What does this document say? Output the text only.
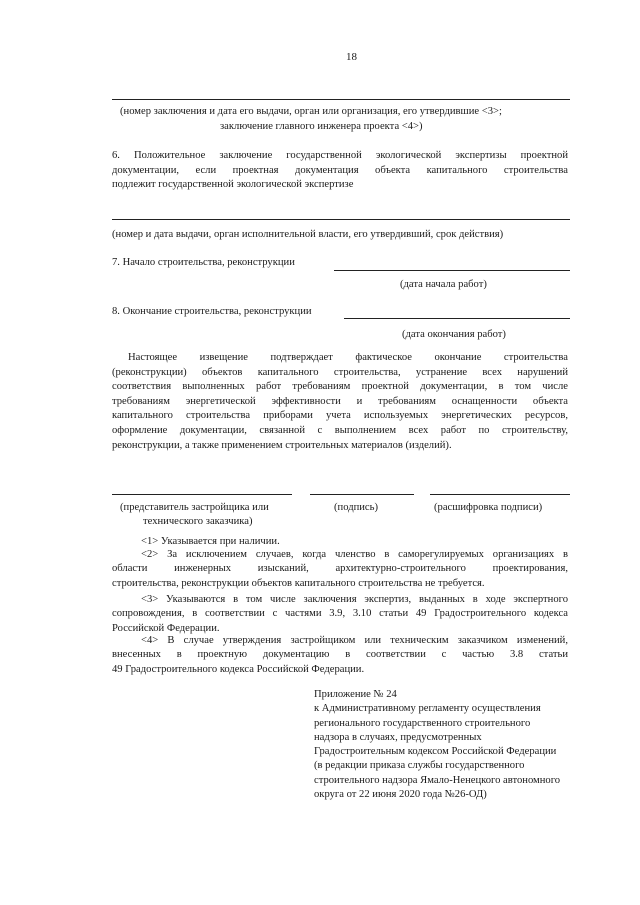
18
(номер заключения и дата его выдачи, орган или организация, его утвердившие <3>;
заключение главного инженера проекта <4>)
6. Положительное заключение государственной экологической экспертизы проектной
документации, если проектная документация объекта капитального строительства
подлежит государственной экологической экспертизе
(номер и дата выдачи, орган исполнительной власти, его утвердивший, срок действия)
7. Начало строительства, реконструкции
(дата начала работ)
8. Окончание строительства, реконструкции
(дата окончания работ)
Настоящее извещение подтверждает фактическое окончание строительства
(реконструкции) объектов капитального строительства, устранение всех нарушений
соответствия выполненных работ требованиям проектной документации, в том числе
требованиям энергетической эффективности и требованиям оснащенности объекта
капитального строительства приборами учета используемых энергетических ресурсов,
оформление документации, связанной с выполнением всех работ по строительству,
реконструкции, а также применением строительных материалов (изделий).
(представитель застройщика или
технического заказчика)
(подпись)	(расшифровка подписи)
<1> Указывается при наличии.
<2> За исключением случаев, когда членство в саморегулируемых организациях в
области инженерных изысканий, архитектурно-строительного проектирования,
строительства, реконструкции объектов капитального строительства не требуется.
<3> Указываются в том числе заключения экспертиз, выданных в ходе экспертного
сопровождения, в соответствии с частями 3.9, 3.10 статьи 49 Градостроительного кодекса
Российской Федерации.
<4> В случае утверждения застройщиком или техническим заказчиком изменений,
внесенных в проектную документацию в соответствии с частью 3.8 статьи
49 Градостроительного кодекса Российской Федерации.
Приложение № 24
к Административному регламенту осуществления
регионального государственного строительного
надзора в случаях, предусмотренных
Градостроительным кодексом Российской Федерации
(в редакции приказа службы государственного
строительного надзора Ямало-Ненецкого автономного
округа от 22 июня 2020 года №26-ОД)
